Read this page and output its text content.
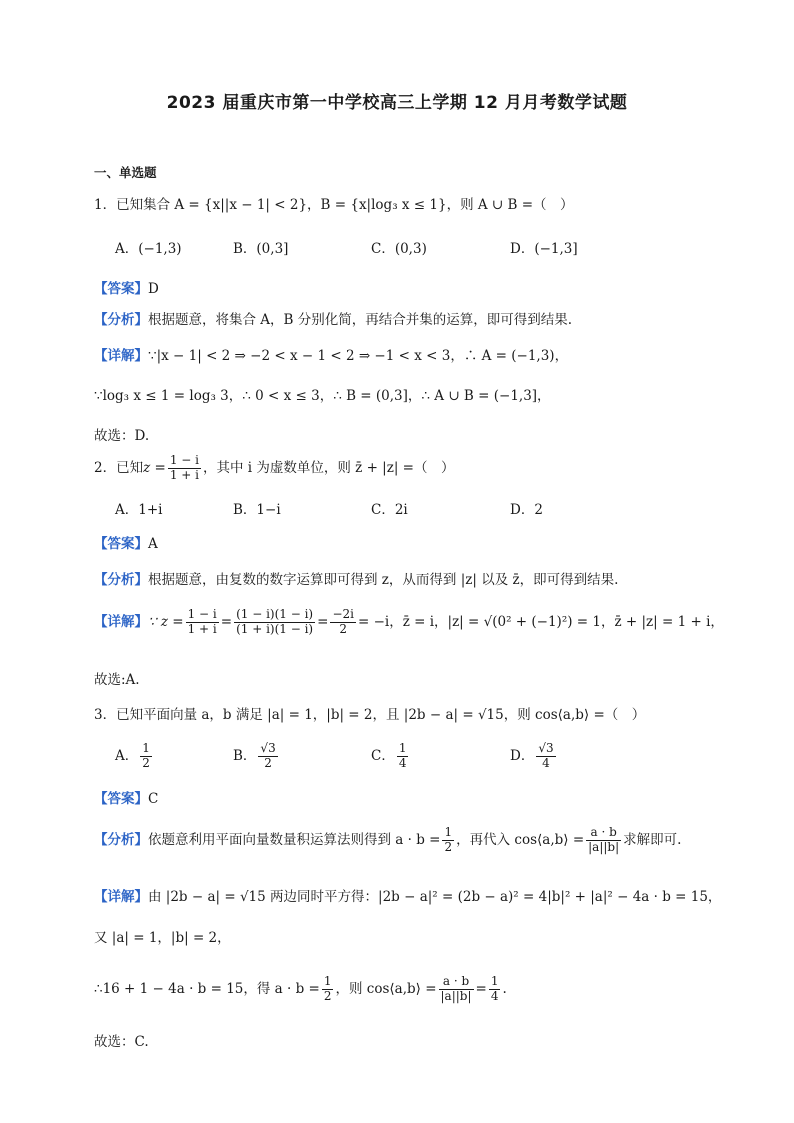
2023 届重庆市第一中学校高三上学期 12 月月考数学试题
一、单选题
1．已知集合 A = {x||x − 1| < 2}，B = {x|log₃ x ≤ 1}，则 A ∪ B =（　）
A．(−1,3)	B．(0,3]	C．(0,3)	D．(−1,3]
【答案】D
【分析】根据题意，将集合 A，B 分别化简，再结合并集的运算，即可得到结果.
【详解】∵|x − 1| < 2 ⇒ −2 < x − 1 < 2 ⇒ −1 < x < 3，∴ A = (−1,3)，
∵log₃ x ≤ 1 = log₃ 3，∴ 0 < x ≤ 3，∴ B = (0,3]，∴ A ∪ B = (−1,3]，
故选：D.
2．已知$z = \frac{1 - i}{1 + i}$ ，其中 i 为虚数单位，则 z̄ + |z| =（　）
A．1+i	B．1−i	C．2i	D．2
【答案】A
【分析】根据题意，由复数的数字运算即可得到 z，从而得到 |z| 以及 z̄，即可得到结果.
【详解】∵ $z = \frac{1 - i}{1 + i} = \frac{(1 - i)(1 - i)}{(1 + i)(1 - i)} = \frac{-2i}{2} = -i$，z̄ = i，|z| = √(0² + (−1)²) = 1，z̄ + |z| = 1 + i，
故选:A.
3．已知平面向量 a，b 满足 |a| = 1，|b| = 2，且 |2b − a| = √15，则 cos⟨a,b⟩ =（　）
A． $\frac{1}{2}$	B． $\frac{√3}{2}$	C． $\frac{1}{4}$	D． $\frac{√3}{4}$
【答案】C
【分析】依题意利用平面向量数量积运算法则得到 $a \cdot b = \frac{1}{2}$ ，再代入 cos⟨a,b⟩ = $\frac{a \cdot b}{|a||b|}$ 求解即可.
【详解】由 |2b − a| = √15 两边同时平方得：|2b − a|² = (2b − a)² = 4|b|² + |a|² − 4a · b = 15，
又 |a| = 1，|b| = 2，
∴16 + 1 − 4a · b = 15，得 $a \cdot b = \frac{1}{2}$ ，则 cos⟨a,b⟩ = $\frac{a \cdot b}{|a||b|} = \frac{1}{4}$ .
故选：C.
